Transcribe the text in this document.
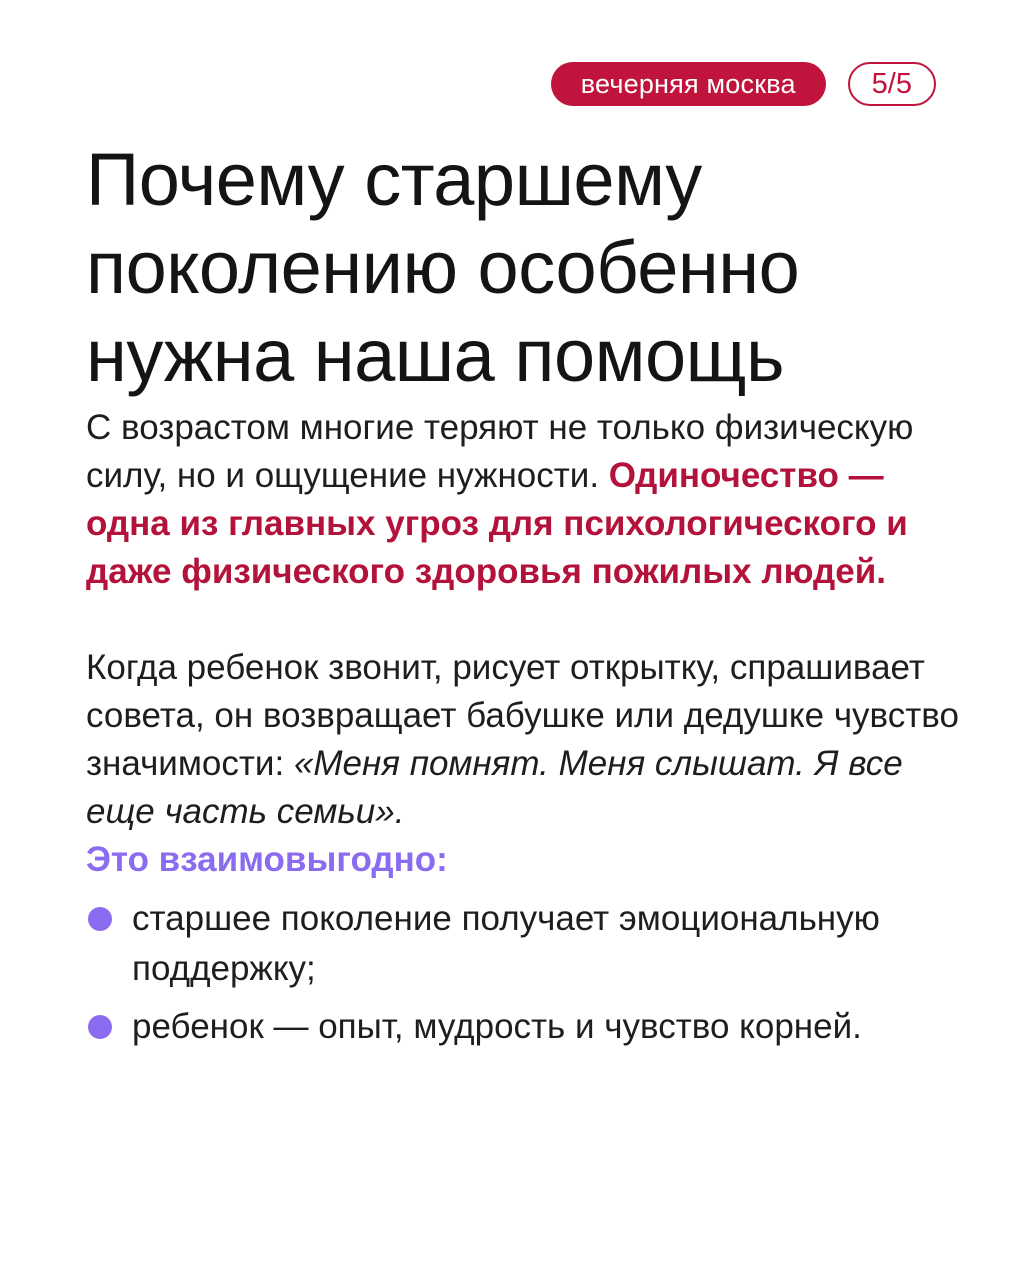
вечерняя москва	5/5
Почему старшему поколению особенно нужна наша помощь

С возрастом многие теряют не только физическую силу, но и ощущение нужности. Одиночество — одна из главных угроз для психологического и даже физического здоровья пожилых людей.

Когда ребенок звонит, рисует открытку, спрашивает совета, он возвращает бабушке или дедушке чувство значимости: «Меня помнят. Меня слышат. Я все еще часть семьи».

Это взаимовыгодно:

старшее поколение получает эмоциональную поддержку;
ребенок — опыт, мудрость и чувство корней.
